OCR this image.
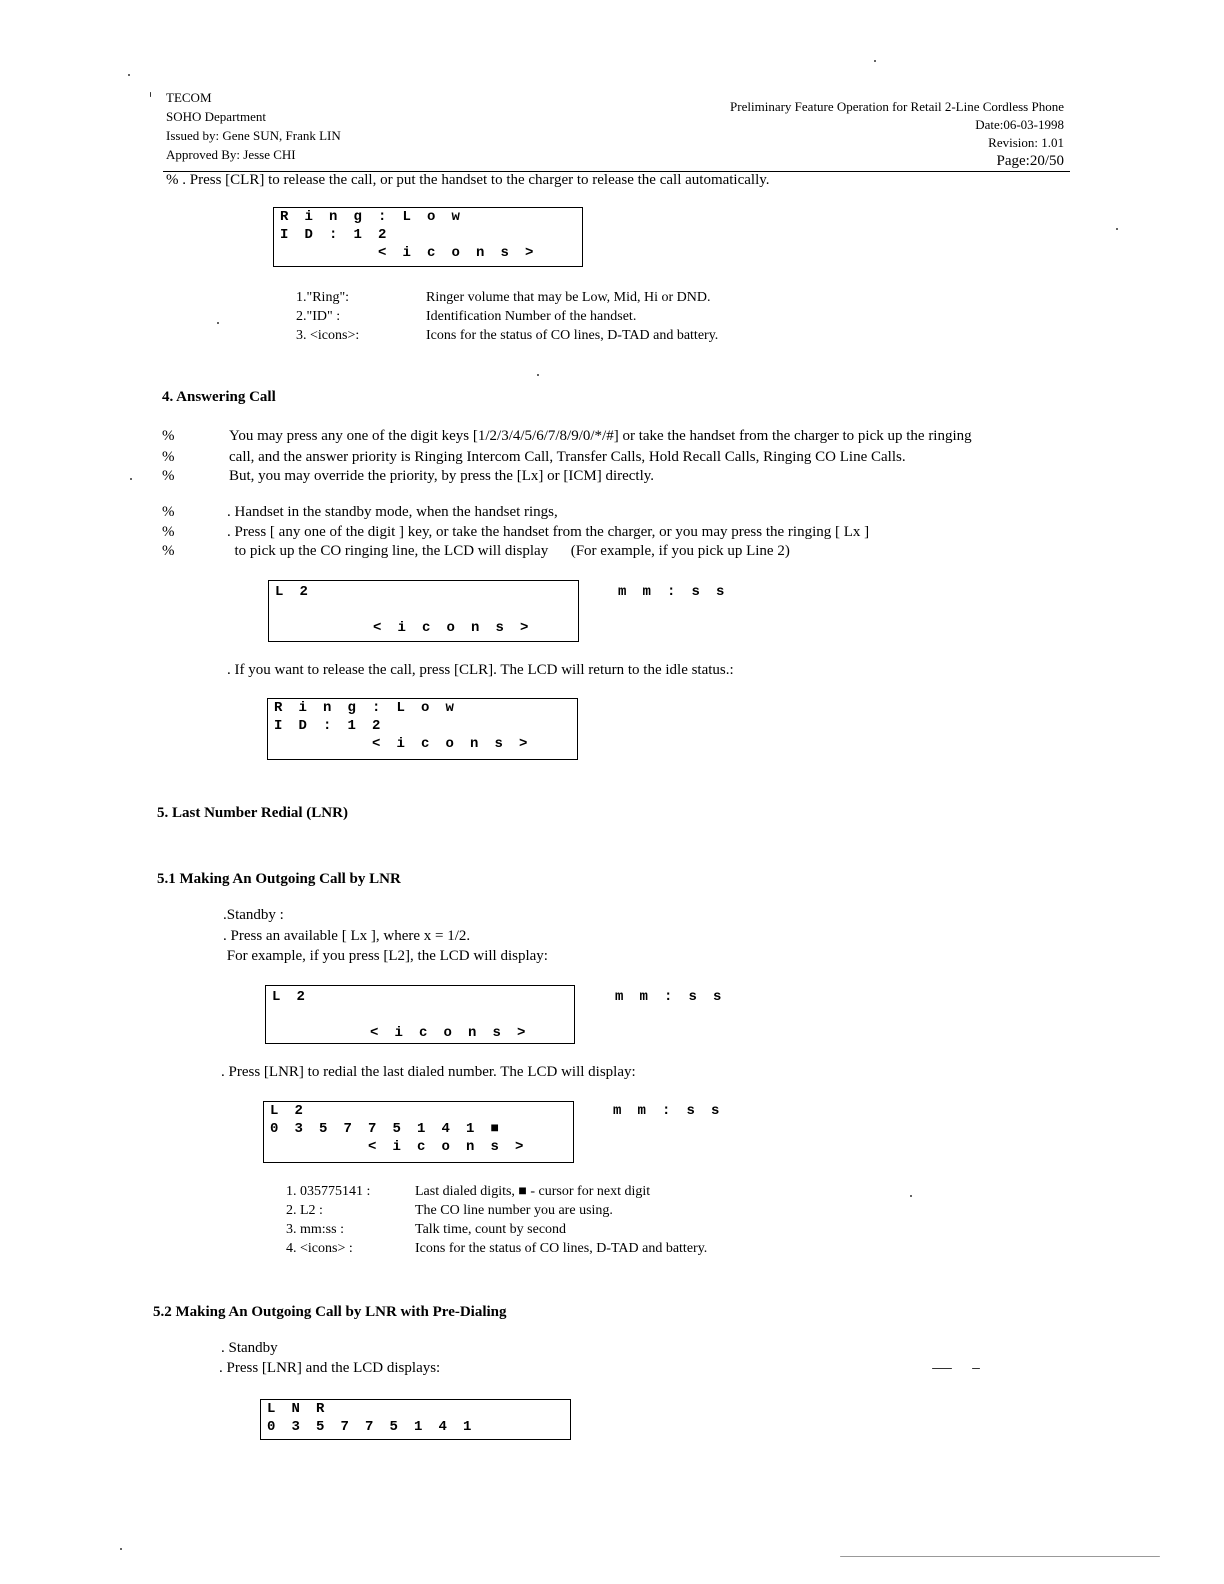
TECOM
SOHO Department
Issued by: Gene SUN, Frank LIN
Approved By: Jesse CHI
Preliminary Feature Operation for Retail 2-Line Cordless Phone
Date:06-03-1998
Revision: 1.01
Page:20/50
% . Press [CLR] to release the call, or put the handset to the charger to release the call automatically.
R i n g : L o w
I D : 1 2
< i c o n s >
1."Ring":	Ringer volume that may be Low, Mid, Hi or DND.
2."ID" :	Identification Number of the handset.
3. <icons>:	Icons for the status of CO lines, D-TAD and battery.
4. Answering Call
%	You may press any one of the digit keys [1/2/3/4/5/6/7/8/9/0/*/#] or take the handset from the charger to pick up the ringing
%	call, and the answer priority is Ringing Intercom Call, Transfer Calls, Hold Recall Calls, Ringing CO Line Calls.
%	But, you may override the priority, by press the [Lx] or [ICM] directly.
%	. Handset in the standby mode, when the handset rings,
%	. Press [ any one of the digit ] key, or take the handset from the charger, or you may press the ringing [ Lx ]
%	to pick up the CO ringing line, the LCD will display      (For example, if you pick up Line 2)
L 2	m m : s s

< i c o n s >
. If you want to release the call, press [CLR]. The LCD will return to the idle status.:
R i n g : L o w
I D : 1 2
< i c o n s >
5. Last Number Redial (LNR)
5.1 Making An Outgoing Call by LNR
.Standby :
. Press an available [ Lx ], where x = 1/2.
For example, if you press [L2], the LCD will display:
L 2	m m : s s

< i c o n s >
. Press [LNR] to redial the last dialed number. The LCD will display:
L 2	m m : s s
0 3 5 7 7 5 1 4 1 ■
< i c o n s >
1. 035775141 :	Last dialed digits, ■ - cursor for next digit
2. L2 :	The CO line number you are using.
3. mm:ss :	Talk time, count by second
4. <icons> :	Icons for the status of CO lines, D-TAD and battery.
5.2 Making An Outgoing Call by LNR with Pre-Dialing
. Standby
. Press [LNR] and the LCD displays:
L N R
0 3 5 7 7 5 1 4 1
